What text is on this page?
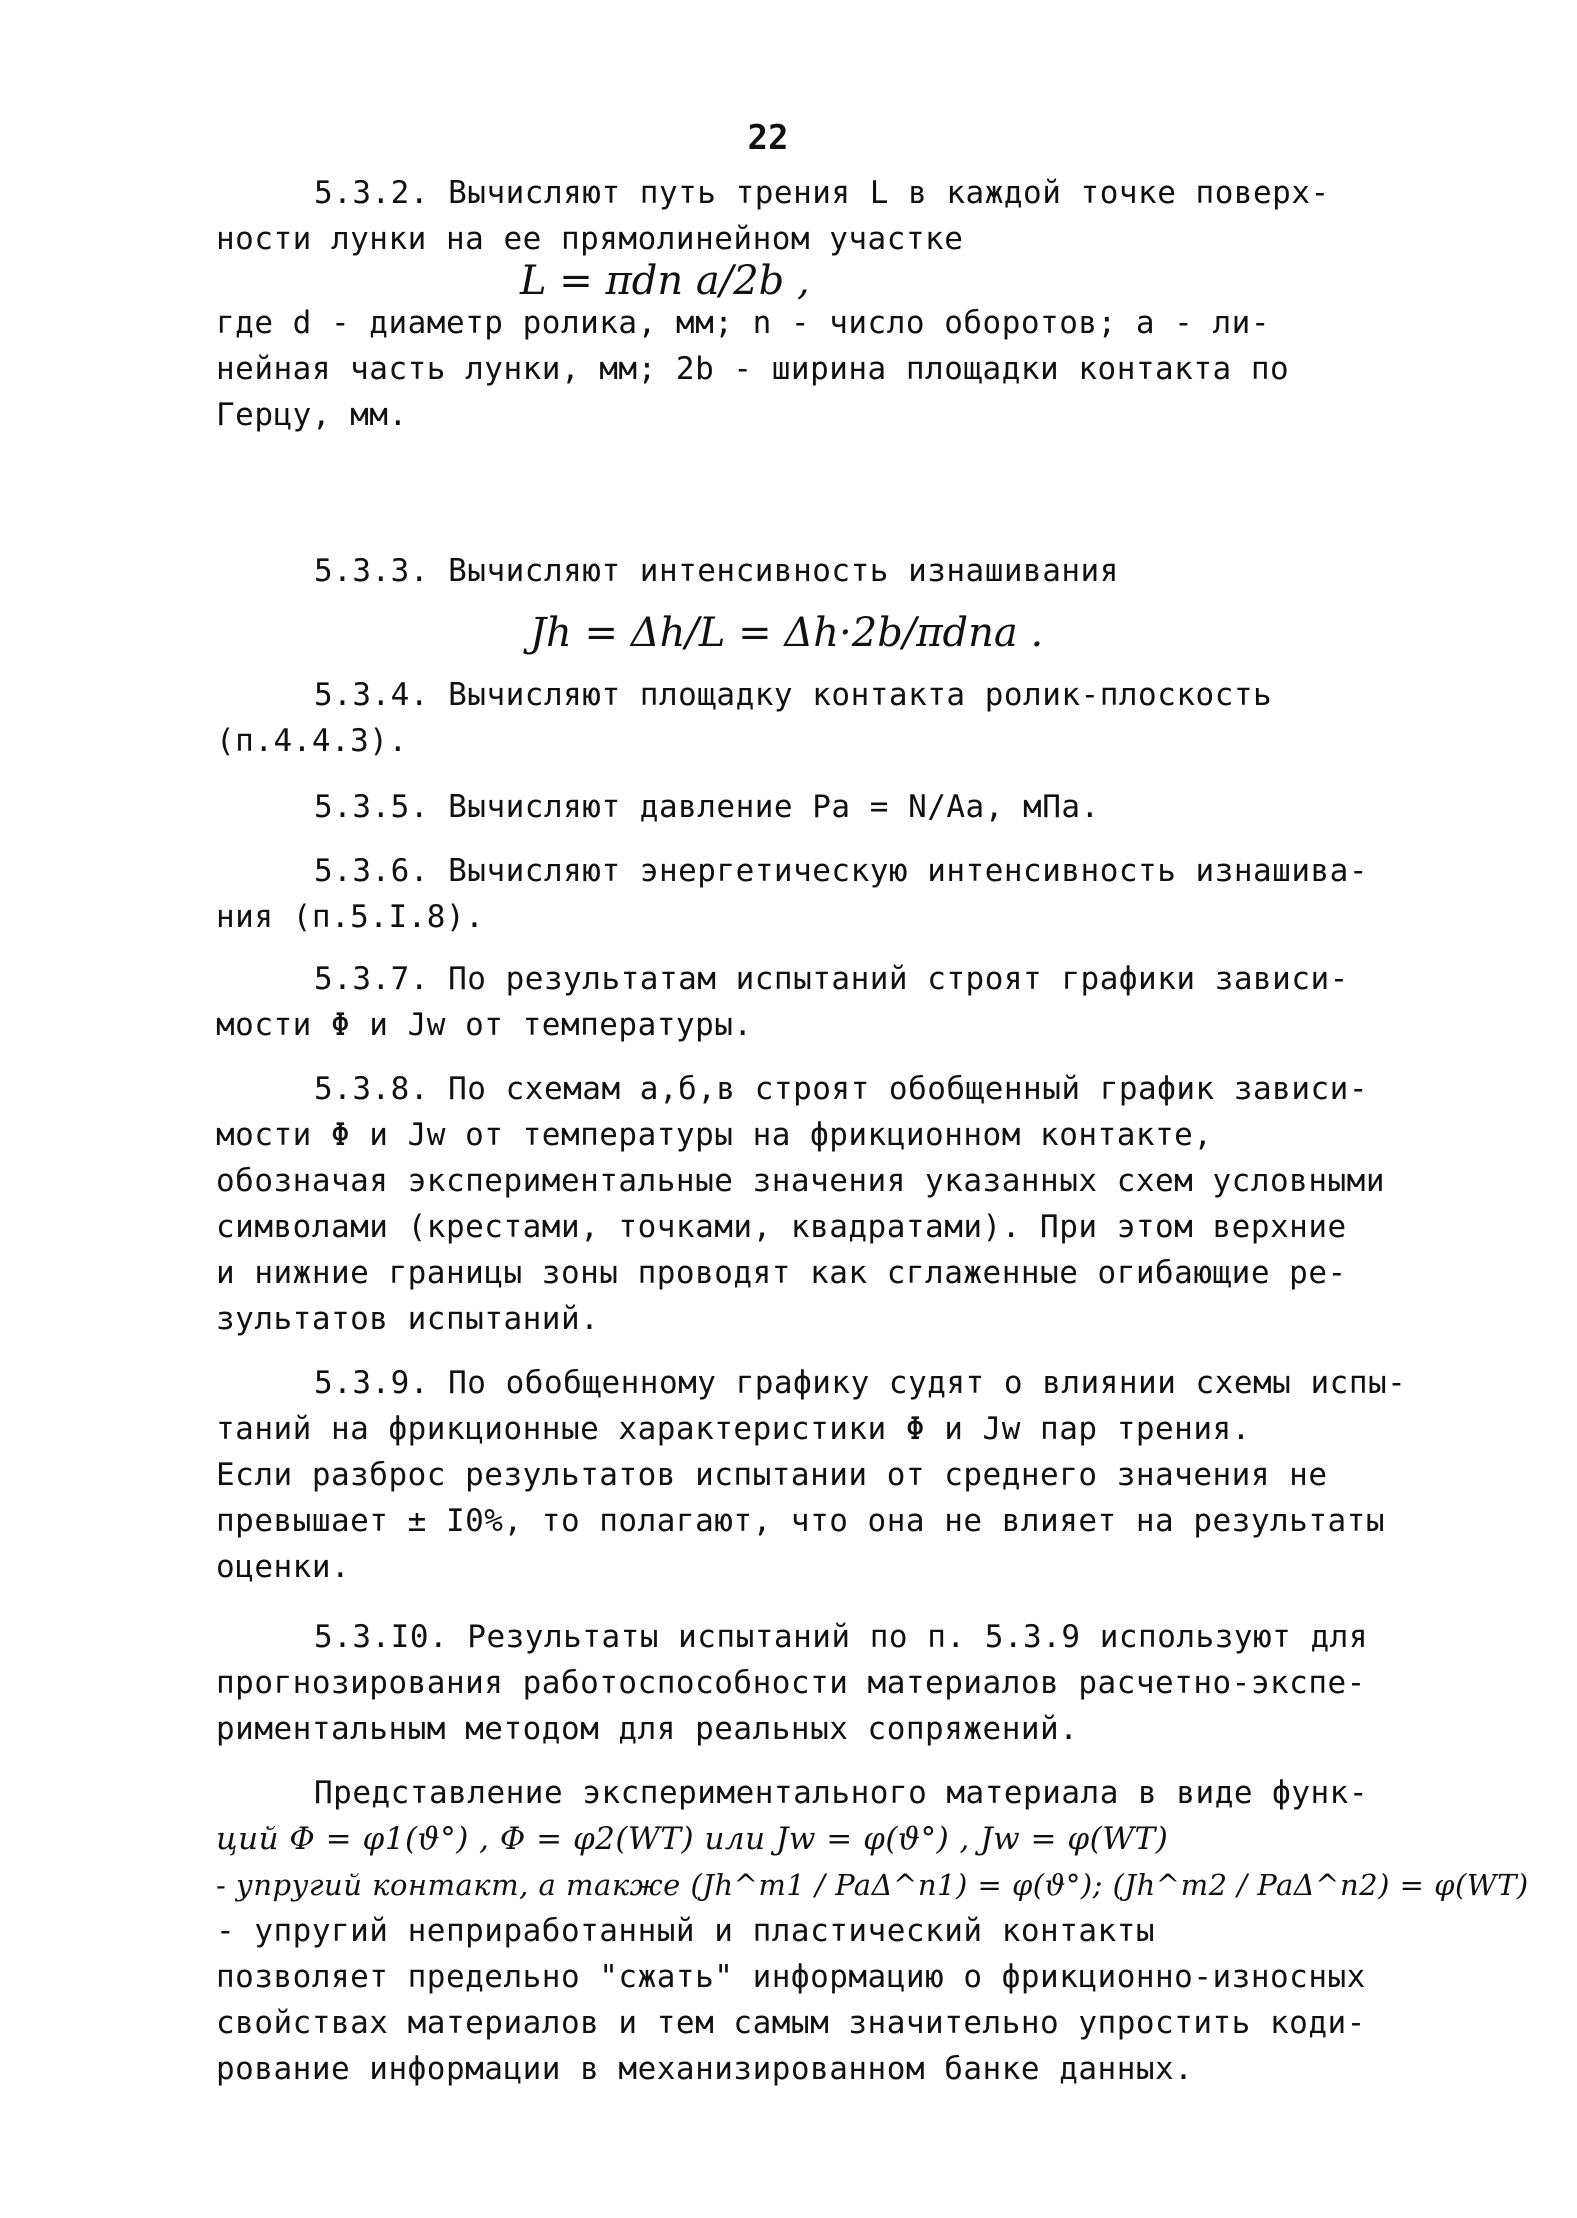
22
5.3.2. Вычисляют путь трения L в каждой точке поверх-
ности лунки на ее прямолинейном участке
L = πdn a/2b ,
где d - диаметр ролика, мм; n - число оборотов; a - ли-
нейная часть лунки, мм; 2b - ширина площадки контакта по
Герцу, мм.
5.3.3. Вычисляют интенсивность изнашивания
Jh = Δh/L = Δh·2b/πdna .
5.3.4. Вычисляют площадку контакта ролик-плоскость
(п.4.4.3).
5.3.5. Вычисляют давление Ра = N/Аа, мПа.
5.3.6. Вычисляют энергетическую интенсивность изнашива-
ния (п.5.I.8).
5.3.7. По результатам испытаний строят графики зависи-
мости Φ и Jw от температуры.
5.3.8. По схемам а,б,в строят обобщенный график зависи-
мости Φ и Jw от температуры на фрикционном контакте,
обозначая экспериментальные значения указанных схем условными
символами (крестами, точками, квадратами). При этом верхние
и нижние границы зоны проводят как сглаженные огибающие ре-
зультатов испытаний.
5.3.9. По обобщенному графику судят о влиянии схемы испы-
таний на фрикционные характеристики Φ и Jw пар трения.
Если разброс результатов испытании от среднего значения не
превышает ± I0%, то полагают, что она не влияет на результаты
оценки.
5.3.I0. Результаты испытаний по п. 5.3.9 используют для
прогнозирования работоспособности материалов расчетно-экспе-
риментальным методом для реальных сопряжений.
Представление экспериментального материала в виде функ-
ций Φ = φ1(ϑ°) , Φ = φ2(WT) или Jw = φ(ϑ°) , Jw = φ(WT)
- упругий контакт, а также (Jh^m1 / PaΔ^n1) = φ(ϑ°); (Jh^m2 / PaΔ^n2) = φ(WT)
- упругий неприработанный и пластический контакты
позволяет предельно "сжать" информацию о фрикционно-износных
свойствах материалов и тем самым значительно упростить коди-
рование информации в механизированном банке данных.
